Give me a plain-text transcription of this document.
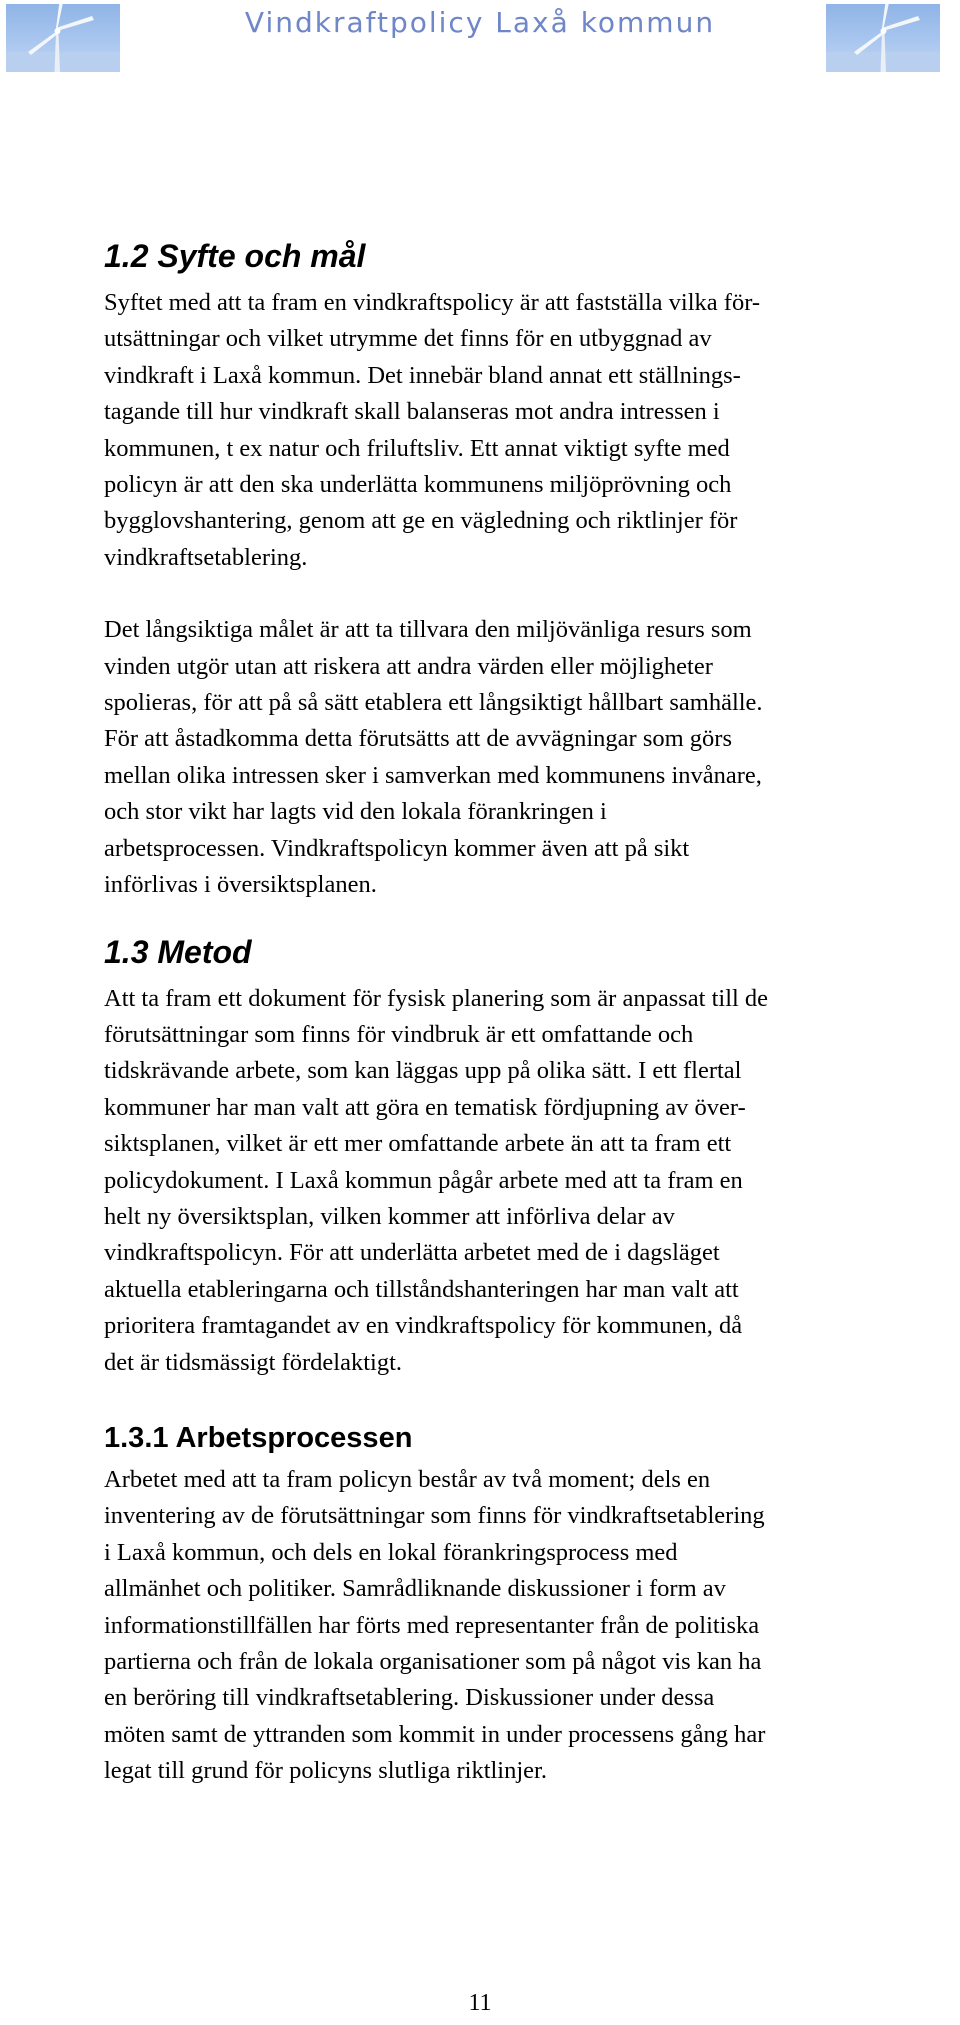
Vindkraftpolicy Laxå kommun
1.2 Syfte och mål

Syftet med att ta fram en vindkraftspolicy är att fastställa vilka för-
utsättningar och vilket utrymme det finns för en utbyggnad av
vindkraft i Laxå kommun. Det innebär bland annat ett ställnings-
tagande till hur vindkraft skall balanseras mot andra intressen i
kommunen, t ex natur och friluftsliv. Ett annat viktigt syfte med
policyn är att den ska underlätta kommunens miljöprövning och
bygglovshantering, genom att ge en vägledning och riktlinjer för
vindkraftsetablering.

Det långsiktiga målet är att ta tillvara den miljövänliga resurs som
vinden utgör utan att riskera att andra värden eller möjligheter
spolieras, för att på så sätt etablera ett långsiktigt hållbart samhälle.
För att åstadkomma detta förutsätts att de avvägningar som görs
mellan olika intressen sker i samverkan med kommunens invånare,
och stor vikt har lagts vid den lokala förankringen i
arbetsprocessen. Vindkraftspolicyn kommer även att på sikt
införlivas i översiktsplanen.

1.3 Metod

Att ta fram ett dokument för fysisk planering som är anpassat till de
förutsättningar som finns för vindbruk är ett omfattande och
tidskrävande arbete, som kan läggas upp på olika sätt. I ett flertal
kommuner har man valt att göra en tematisk fördjupning av över-
siktsplanen, vilket är ett mer omfattande arbete än att ta fram ett
policydokument. I Laxå kommun pågår arbete med att ta fram en
helt ny översiktsplan, vilken kommer att införliva delar av
vindkraftspolicyn. För att underlätta arbetet med de i dagsläget
aktuella etableringarna och tillståndshanteringen har man valt att
prioritera framtagandet av en vindkraftspolicy för kommunen, då
det är tidsmässigt fördelaktigt.

1.3.1 Arbetsprocessen

Arbetet med att ta fram policyn består av två moment; dels en
inventering av de förutsättningar som finns för vindkraftsetablering
i Laxå kommun, och dels en lokal förankringsprocess med
allmänhet och politiker. Samrådliknande diskussioner i form av
informationstillfällen har förts med representanter från de politiska
partierna och från de lokala organisationer som på något vis kan ha
en beröring till vindkraftsetablering. Diskussioner under dessa
möten samt de yttranden som kommit in under processens gång har
legat till grund för policyns slutliga riktlinjer.

11
